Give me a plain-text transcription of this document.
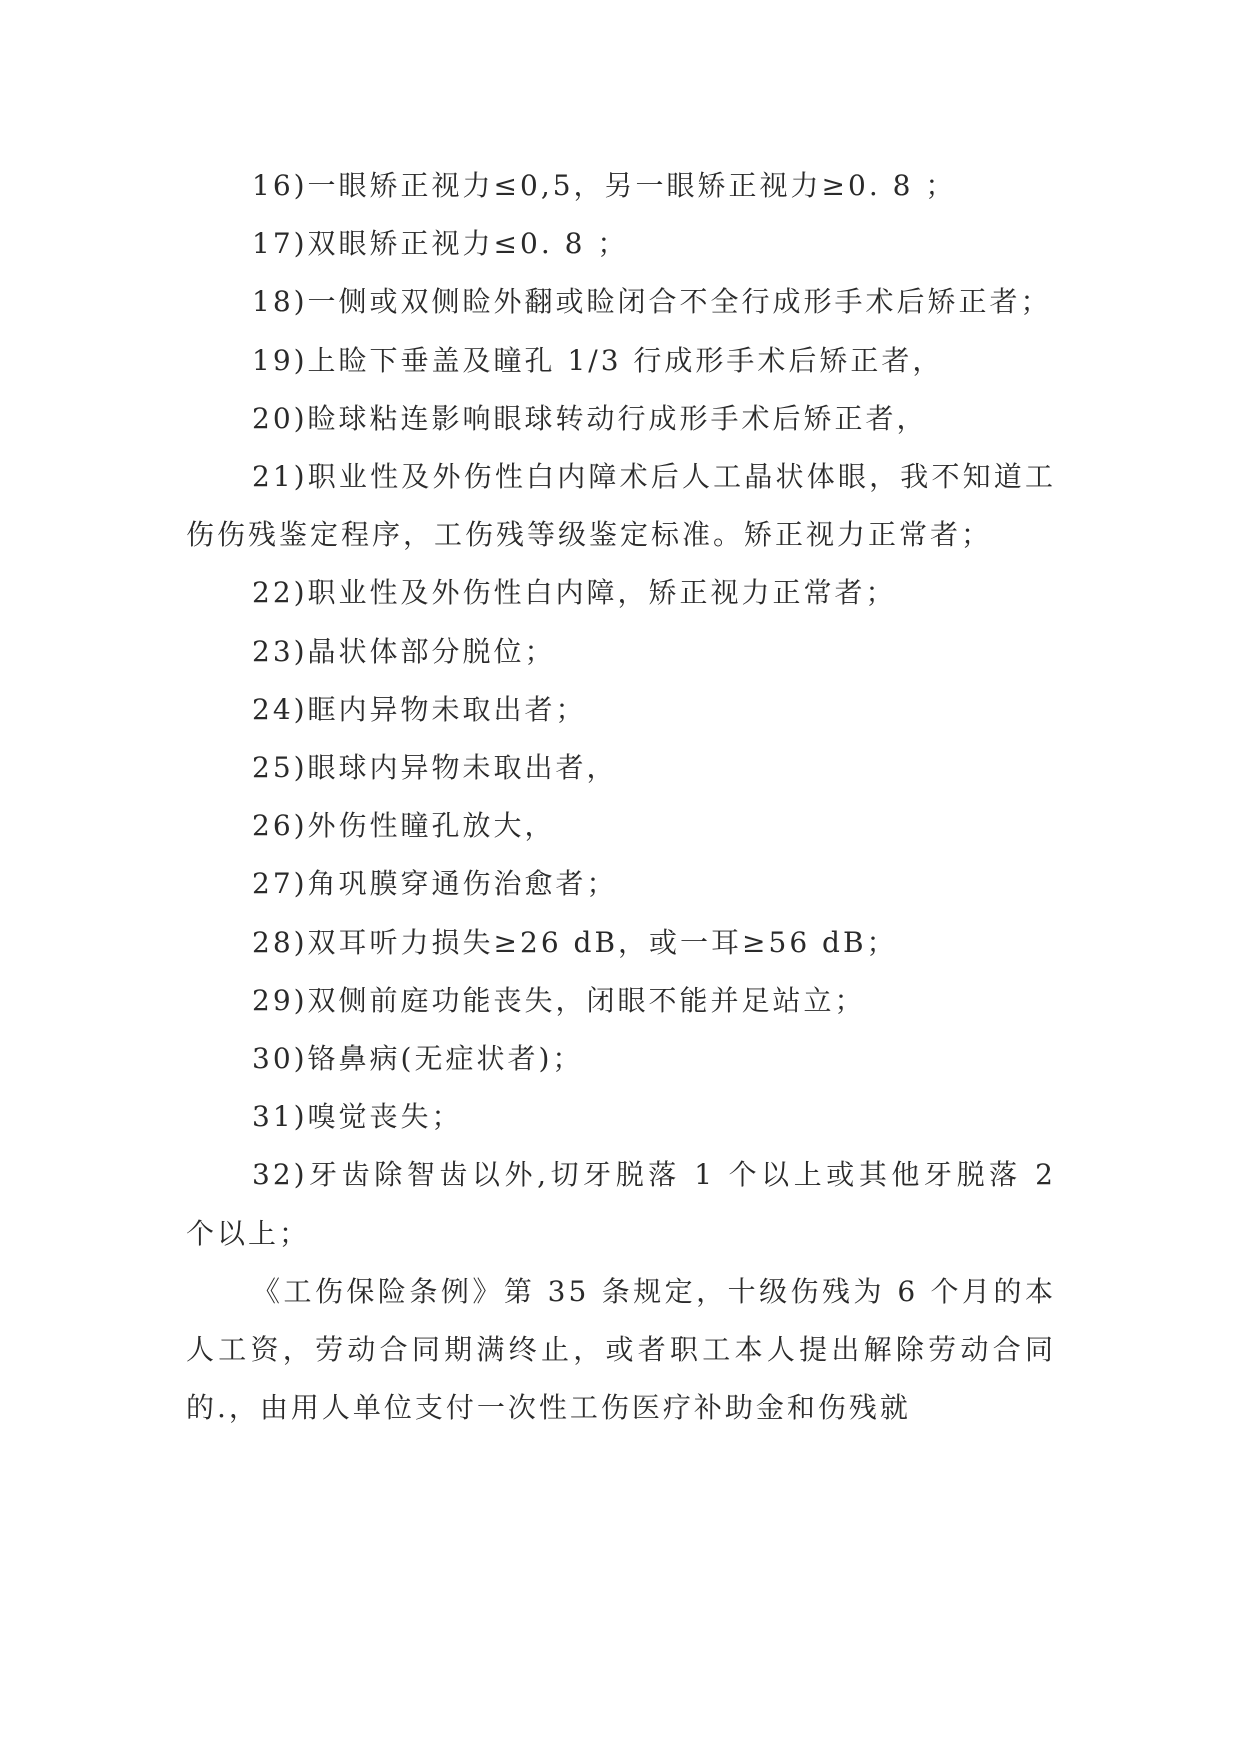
16)一眼矫正视力≤0,5，另一眼矫正视力≥0. 8 ；

17)双眼矫正视力≤0. 8 ；

18)一侧或双侧睑外翻或睑闭合不全行成形手术后矫正者；

19)上睑下垂盖及瞳孔 1/3 行成形手术后矫正者，

20)睑球粘连影响眼球转动行成形手术后矫正者，

21)职业性及外伤性白内障术后人工晶状体眼，我不知道工伤伤残鉴定程序，工伤残等级鉴定标准。矫正视力正常者；

22)职业性及外伤性白内障，矫正视力正常者；

23)晶状体部分脱位；

24)眶内异物未取出者；

25)眼球内异物未取出者，

26)外伤性瞳孔放大，

27)角巩膜穿通伤治愈者；

28)双耳听力损失≥26 dB，或一耳≥56 dB；

29)双侧前庭功能丧失，闭眼不能并足站立；

30)铬鼻病(无症状者)；

31)嗅觉丧失；

32)牙齿除智齿以外,切牙脱落 1 个以上或其他牙脱落 2 个以上；

《工伤保险条例》第 35 条规定，十级伤残为 6 个月的本人工资，劳动合同期满终止，或者职工本人提出解除劳动合同的.，由用人单位支付一次性工伤医疗补助金和伤残就
